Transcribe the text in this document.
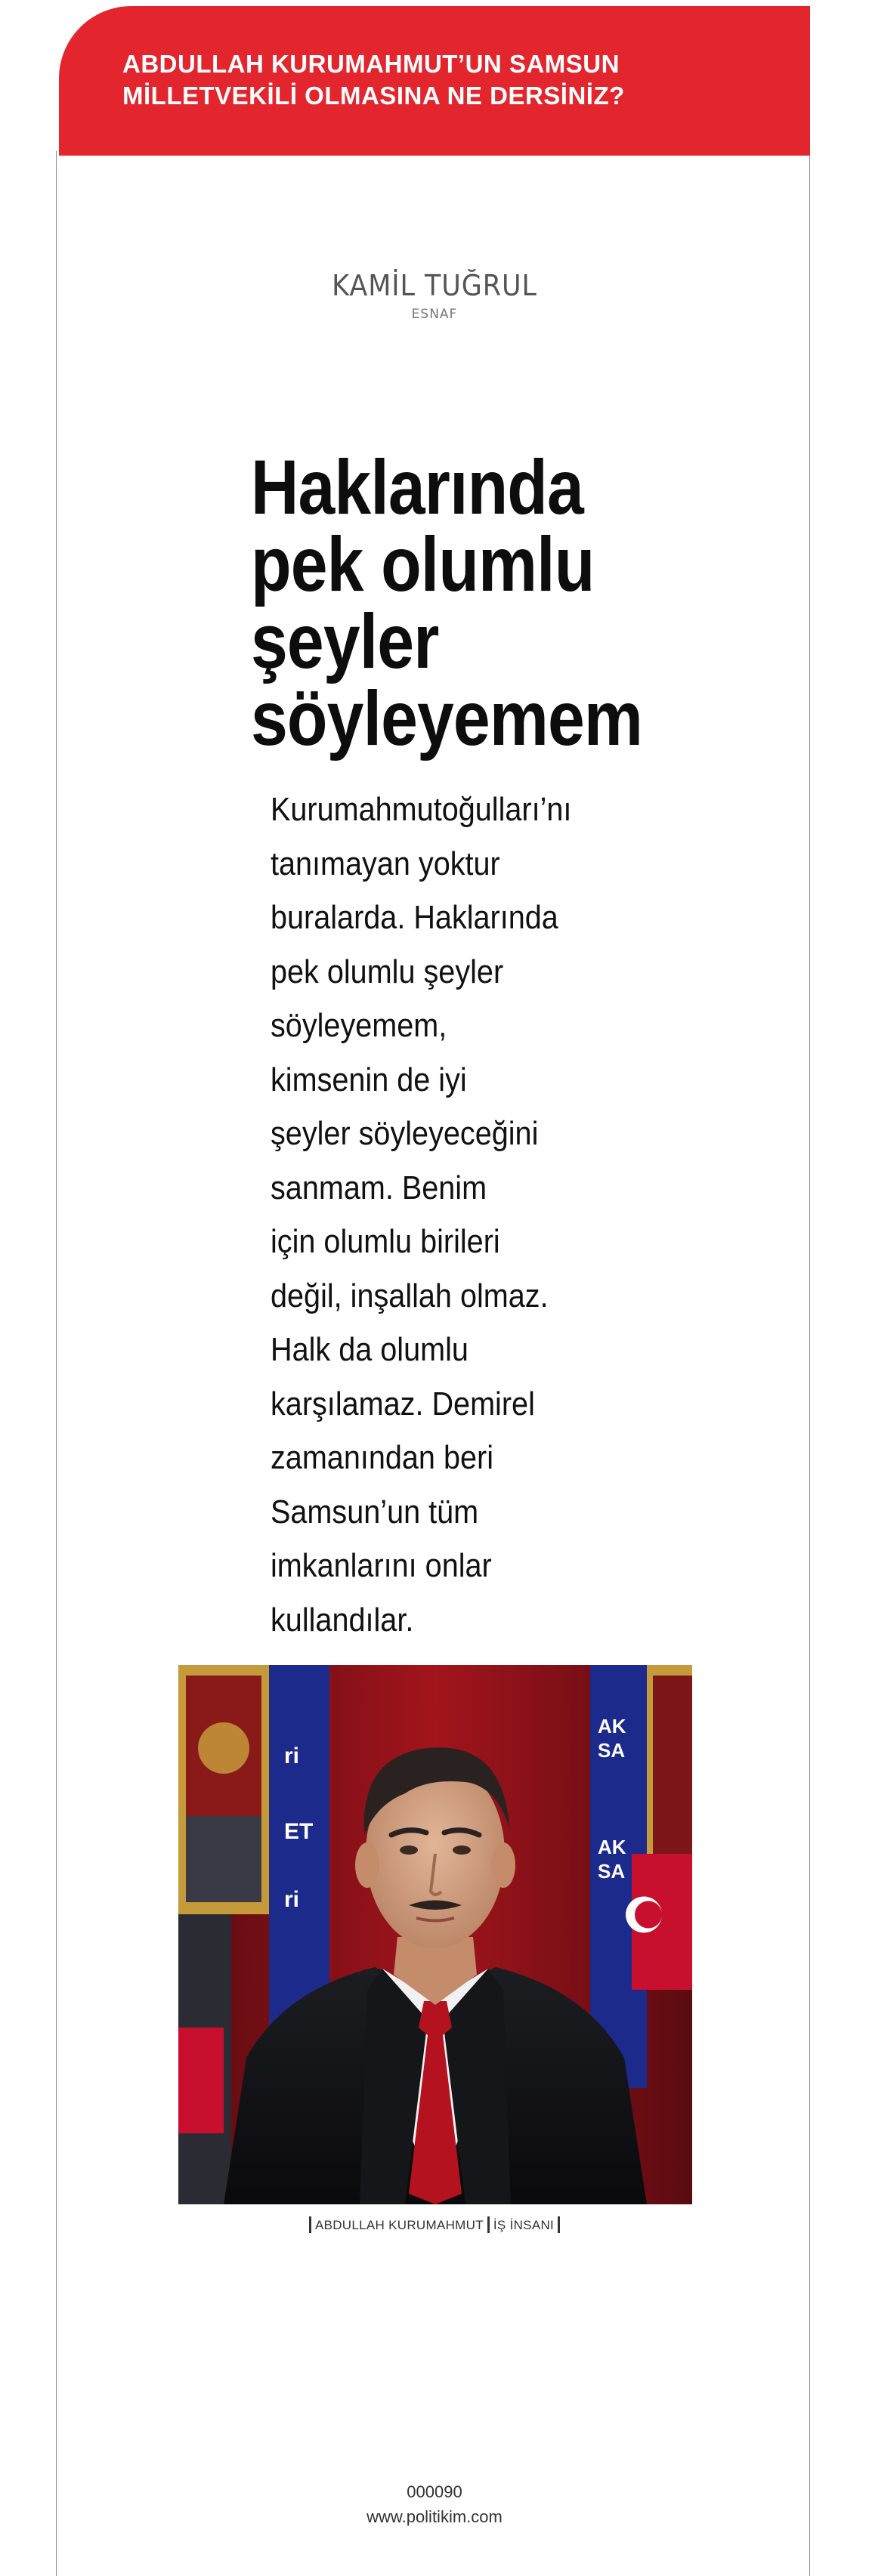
ABDULLAH KURUMAHMUT’UN SAMSUN
MİLLETVEKİLİ OLMASINA NE DERSİNİZ?
KAMİL TUĞRUL
ESNAF
Haklarında
pek olumlu
şeyler
söyleyemem
Kurumahmutoğulları’nı
tanımayan yoktur
buralarda. Haklarında
pek olumlu şeyler
söyleyemem,
kimsenin de iyi
şeyler söyleyeceğini
sanmam. Benim
için olumlu birileri
değil, inşallah olmaz.
Halk da olumlu
karşılamaz. Demirel
zamanından beri
Samsun’un tüm
imkanlarını onlar
kullandılar.
ri
ET
ri
AK
SA
AK
SA
ABDULLAH KURUMAHMUT İŞ İNSANI
000090
www.politikim.com
